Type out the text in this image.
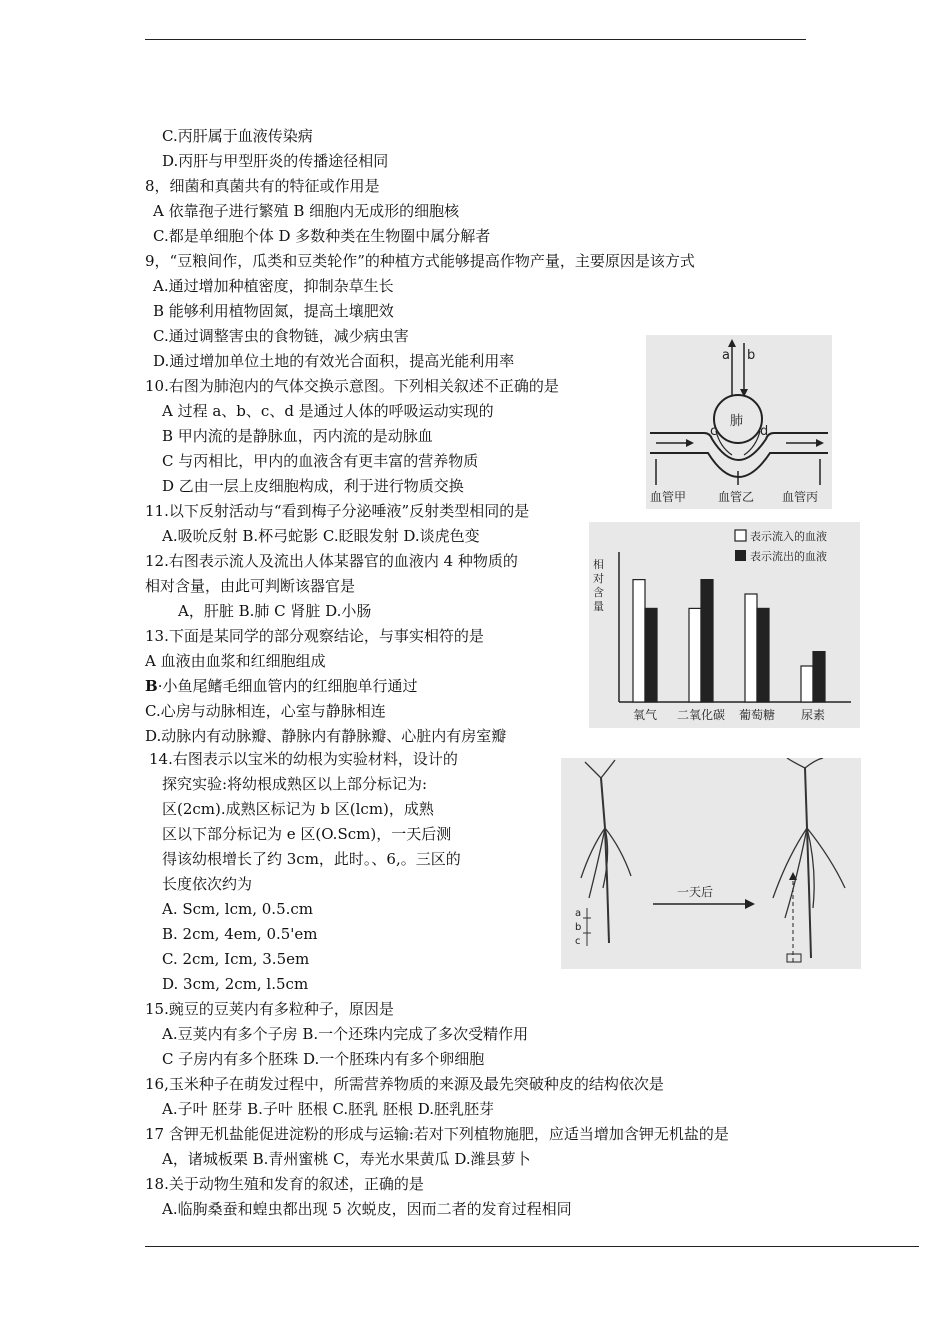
C.丙肝属于血液传染病
D.丙肝与甲型肝炎的传播途径相同
8，细菌和真菌共有的特征或作用是
A 依靠孢子进行繁殖 B 细胞内无成形的细胞核
C.都是单细胞个体 D 多数种类在生物圈中属分解者
9，“豆粮间作，瓜类和豆类轮作”的种植方式能够提高作物产量，主要原因是该方式
A.通过增加种植密度，抑制杂草生长
B 能够利用植物固氮，提高土壤肥效
C.通过调整害虫的食物链，减少病虫害
D.通过增加单位土地的有效光合面积，提高光能利用率
10.右图为肺泡内的气体交换示意图。下列相关叙述不正确的是
A 过程 a、b、c、d 是通过人体的呼吸运动实现的
B 甲内流的是静脉血，丙内流的是动脉血
C 与丙相比，甲内的血液含有更丰富的营养物质
D 乙由一层上皮细胞构成，利于进行物质交换
11.以下反射活动与“看到梅子分泌唾液”反射类型相同的是
A.吸吮反射 B.杯弓蛇影 C.眨眼发射 D.谈虎色变
12.右图表示流人及流出人体某器官的血液内 4 种物质的
相对含量，由此可判断该器官是
A，肝脏 B.肺 C 肾脏 D.小肠
13.下面是某同学的部分观察结论，与事实相符的是
A 血液由血浆和红细胞组成
B·小鱼尾鳍毛细血管内的红细胞单行通过
C.心房与动脉相连，心室与静脉相连
D.动脉内有动脉瓣、静脉内有静脉瓣、心脏内有房室瓣
14.右图表示以宝米的幼根为实验材料，设计的
探究实验:将幼根成熟区以上部分标记为:
区(2cm).成熟区标记为 b 区(lcm)，成熟
区以下部分标记为 e 区(O.Scm)，一天后测
得该幼根增长了约 3cm，此时。、6,。三区的
长度依次约为
A. Scm, lcm, 0.5.cm
B. 2cm, 4em, 0.5'em
C. 2cm, Icm, 3.5em
D. 3cm, 2cm, l.5cm
15.豌豆的豆荚内有多粒种子，原因是
A.豆荚内有多个子房 B.一个还珠内完成了多次受精作用
C 子房内有多个胚珠 D.一个胚珠内有多个卵细胞
16,玉米种子在萌发过程中，所需营养物质的来源及最先突破种皮的结构依次是
A.子叶 胚芽 B.子叶 胚根 C.胚乳 胚根 D.胚乳胚芽
17 含钾无机盐能促进淀粉的形成与运输:若对下列植物施肥，应适当增加含钾无机盐的是
A，诸城板栗 B.青州蜜桃 C，寿光水果黄瓜 D.潍县萝卜
18.关于动物生殖和发育的叙述，正确的是
A.临朐桑蚕和蝗虫都出现 5 次蜕皮，因而二者的发育过程相同
a b
肺
c	d
血管甲	血管乙 血管丙
表示流入的血液
表示流出的血液
相
对
含
量
氧气 二氧化碳 葡萄糖 尿素
a
b
c
一天后
